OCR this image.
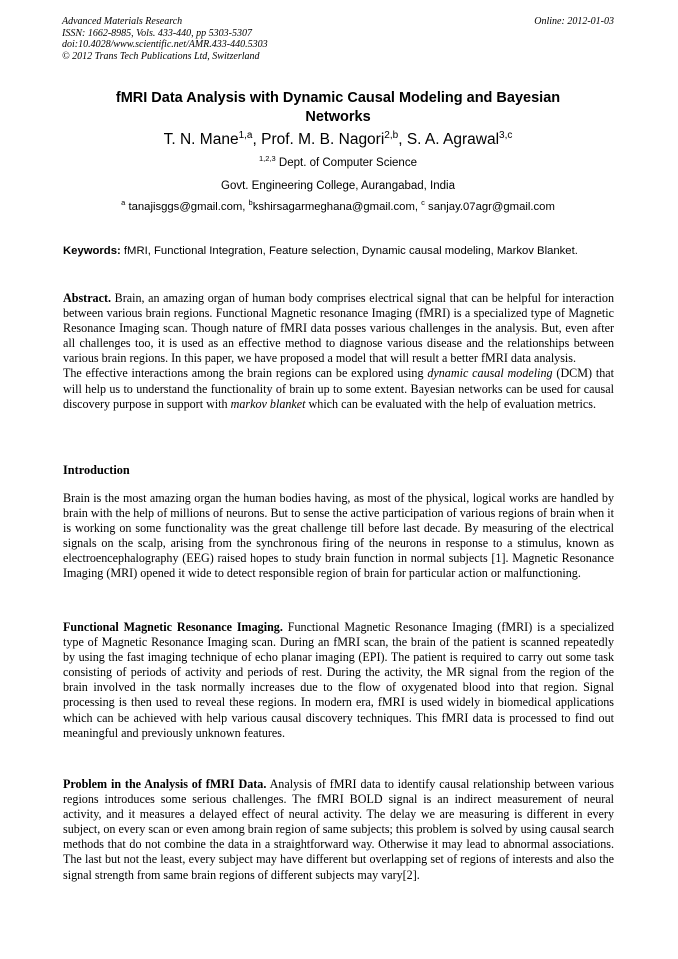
Advanced Materials Research
ISSN: 1662-8985, Vols. 433-440, pp 5303-5307
doi:10.4028/www.scientific.net/AMR.433-440.5303
© 2012 Trans Tech Publications Ltd, Switzerland
Online: 2012-01-03
fMRI Data Analysis with Dynamic Causal Modeling and Bayesian
Networks
T. N. Mane$^{1,a}$, Prof. M. B. Nagori$^{2,b}$, S. A. Agrawal$^{3,c}$
$^{1,2,3}$ Dept. of Computer Science
Govt. Engineering College, Aurangabad, India
$^a$ tanajisggs@gmail.com, $^b$kshirsagarmeghana@gmail.com, $^c$ sanjay.07agr@gmail.com
Keywords: fMRI, Functional Integration, Feature selection, Dynamic causal modeling, Markov Blanket.

Abstract. Brain, an amazing organ of human body comprises electrical signal that can be helpful for interaction between various brain regions. Functional Magnetic resonance Imaging (fMRI) is a specialized type of Magnetic Resonance Imaging scan. Though nature of fMRI data posses various challenges in the analysis. But, even after all challenges too, it is used as an effective method to diagnose various disease and the relationships between various brain regions. In this paper, we have proposed a model that will result a better fMRI data analysis.

The effective interactions among the brain regions can be explored using dynamic causal modeling (DCM) that will help us to understand the functionality of brain up to some extent. Bayesian networks can be used for causal discovery purpose in support with markov blanket which can be evaluated with the help of evaluation metrics.

Introduction
Brain is the most amazing organ the human bodies having, as most of the physical, logical works are handled by brain with the help of millions of neurons. But to sense the active participation of various regions of brain when it is working on some functionality was the great challenge till before last decade. By measuring of the electrical signals on the scalp, arising from the synchronous firing of the neurons in response to a stimulus, known as electroencephalography (EEG) raised hopes to study brain function in normal subjects [1]. Magnetic Resonance Imaging (MRI) opened it wide to detect responsible region of brain for particular action or malfunctioning.
Functional Magnetic Resonance Imaging. Functional Magnetic Resonance Imaging (fMRI) is a specialized type of Magnetic Resonance Imaging scan. During an fMRI scan, the brain of the patient is scanned repeatedly by using the fast imaging technique of echo planar imaging (EPI). The patient is required to carry out some task consisting of periods of activity and periods of rest. During the activity, the MR signal from the region of the brain involved in the task normally increases due to the flow of oxygenated blood into that region. Signal processing is then used to reveal these regions. In modern era, fMRI is used widely in biomedical applications which can be achieved with help various causal discovery techniques. This fMRI data is processed to find out meaningful and previously unknown features.
Problem in the Analysis of fMRI Data. Analysis of fMRI data to identify causal relationship between various regions introduces some serious challenges. The fMRI BOLD signal is an indirect measurement of neural activity, and it measures a delayed effect of neural activity. The delay we are measuring is different in every subject, on every scan or even among brain region of same subjects; this problem is solved by using causal search methods that do not combine the data in a straightforward way. Otherwise it may lead to abnormal associations. The last but not the least, every subject may have different but overlapping set of regions of interests and also the signal strength from same brain regions of different subjects may vary[2].
